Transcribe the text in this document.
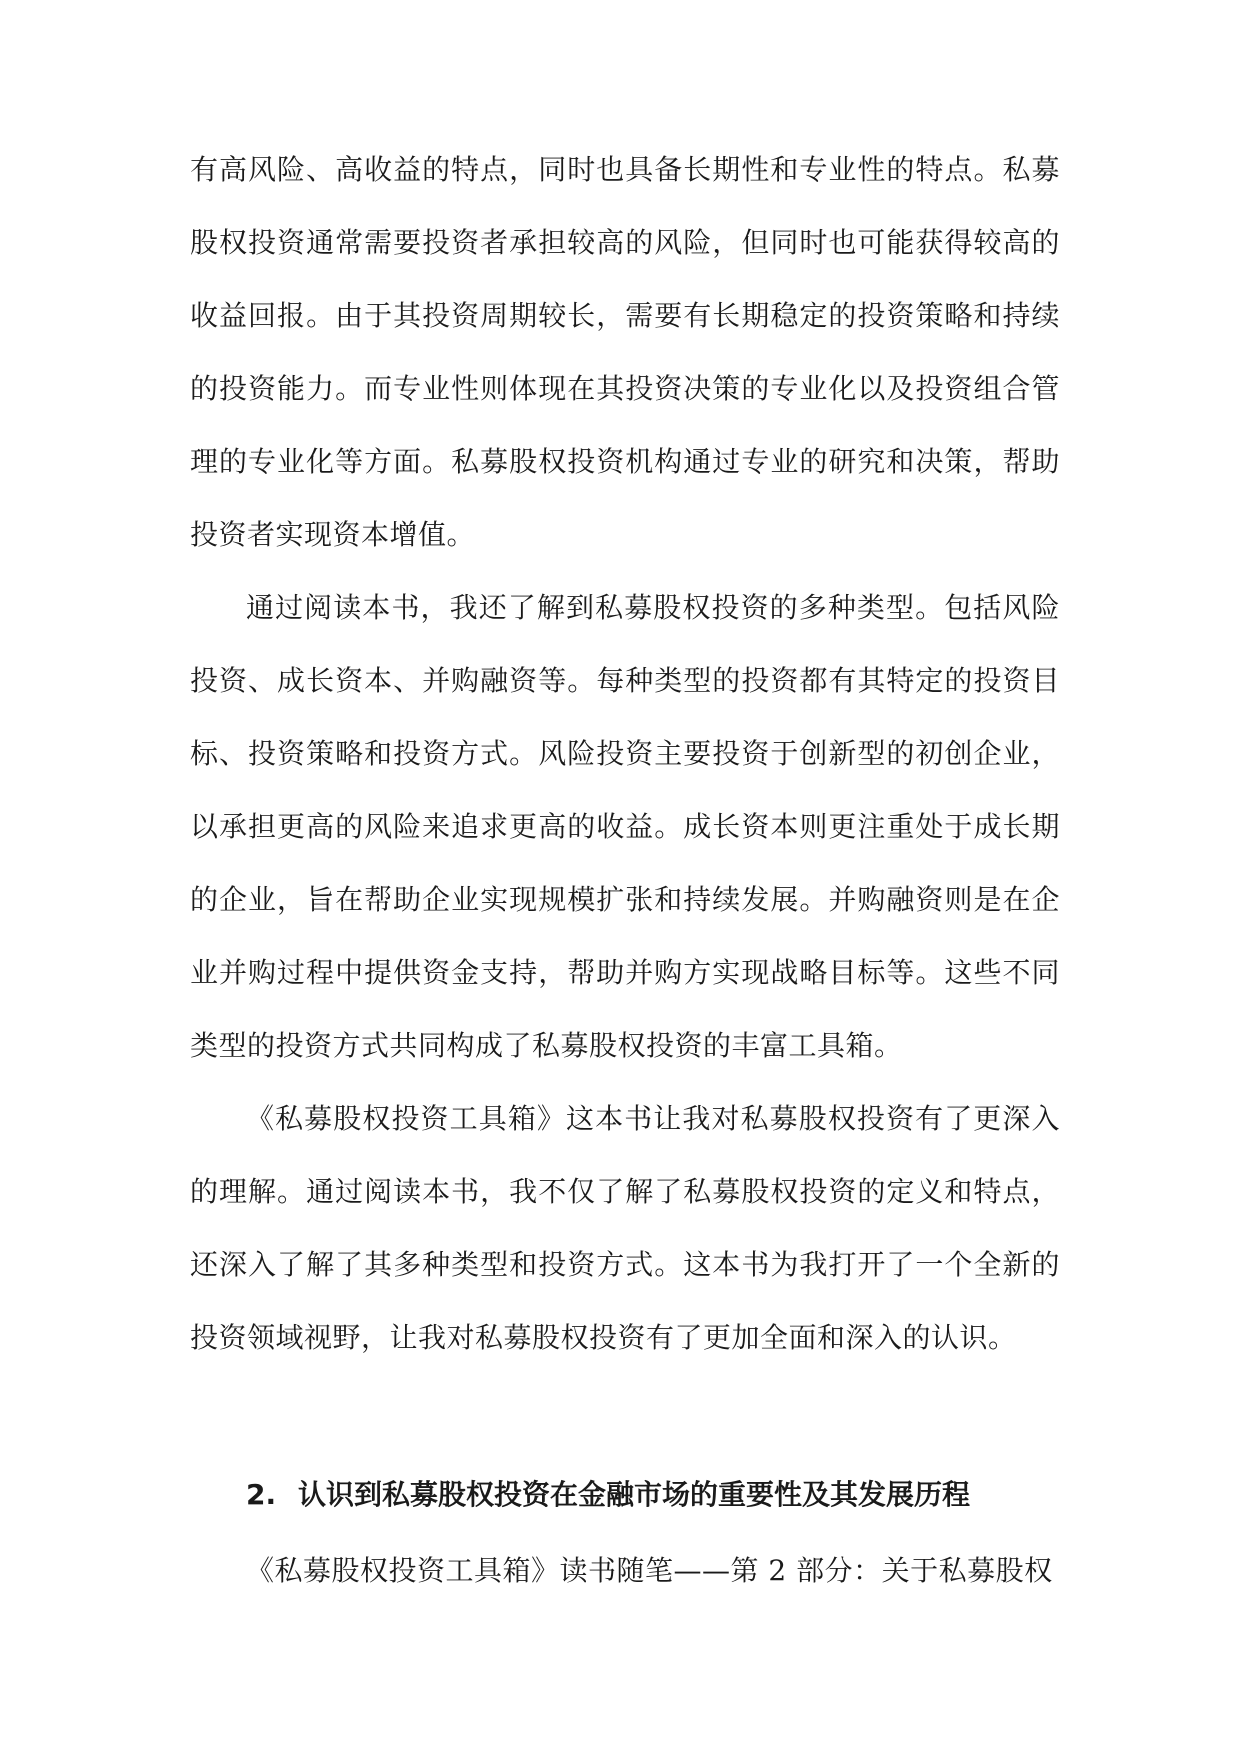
有高风险、高收益的特点，同时也具备长期性和专业性的特点。私募
股权投资通常需要投资者承担较高的风险，但同时也可能获得较高的
收益回报。由于其投资周期较长，需要有长期稳定的投资策略和持续
的投资能力。而专业性则体现在其投资决策的专业化以及投资组合管
理的专业化等方面。私募股权投资机构通过专业的研究和决策，帮助
投资者实现资本增值。
通过阅读本书，我还了解到私募股权投资的多种类型。包括风险
投资、成长资本、并购融资等。每种类型的投资都有其特定的投资目
标、投资策略和投资方式。风险投资主要投资于创新型的初创企业，
以承担更高的风险来追求更高的收益。成长资本则更注重处于成长期
的企业，旨在帮助企业实现规模扩张和持续发展。并购融资则是在企
业并购过程中提供资金支持，帮助并购方实现战略目标等。这些不同
类型的投资方式共同构成了私募股权投资的丰富工具箱。
《私募股权投资工具箱》这本书让我对私募股权投资有了更深入
的理解。通过阅读本书，我不仅了解了私募股权投资的定义和特点，
还深入了解了其多种类型和投资方式。这本书为我打开了一个全新的
投资领域视野，让我对私募股权投资有了更加全面和深入的认识。
2. 认识到私募股权投资在金融市场的重要性及其发展历程
《私募股权投资工具箱》读书随笔——第 2 部分：关于私募股权
